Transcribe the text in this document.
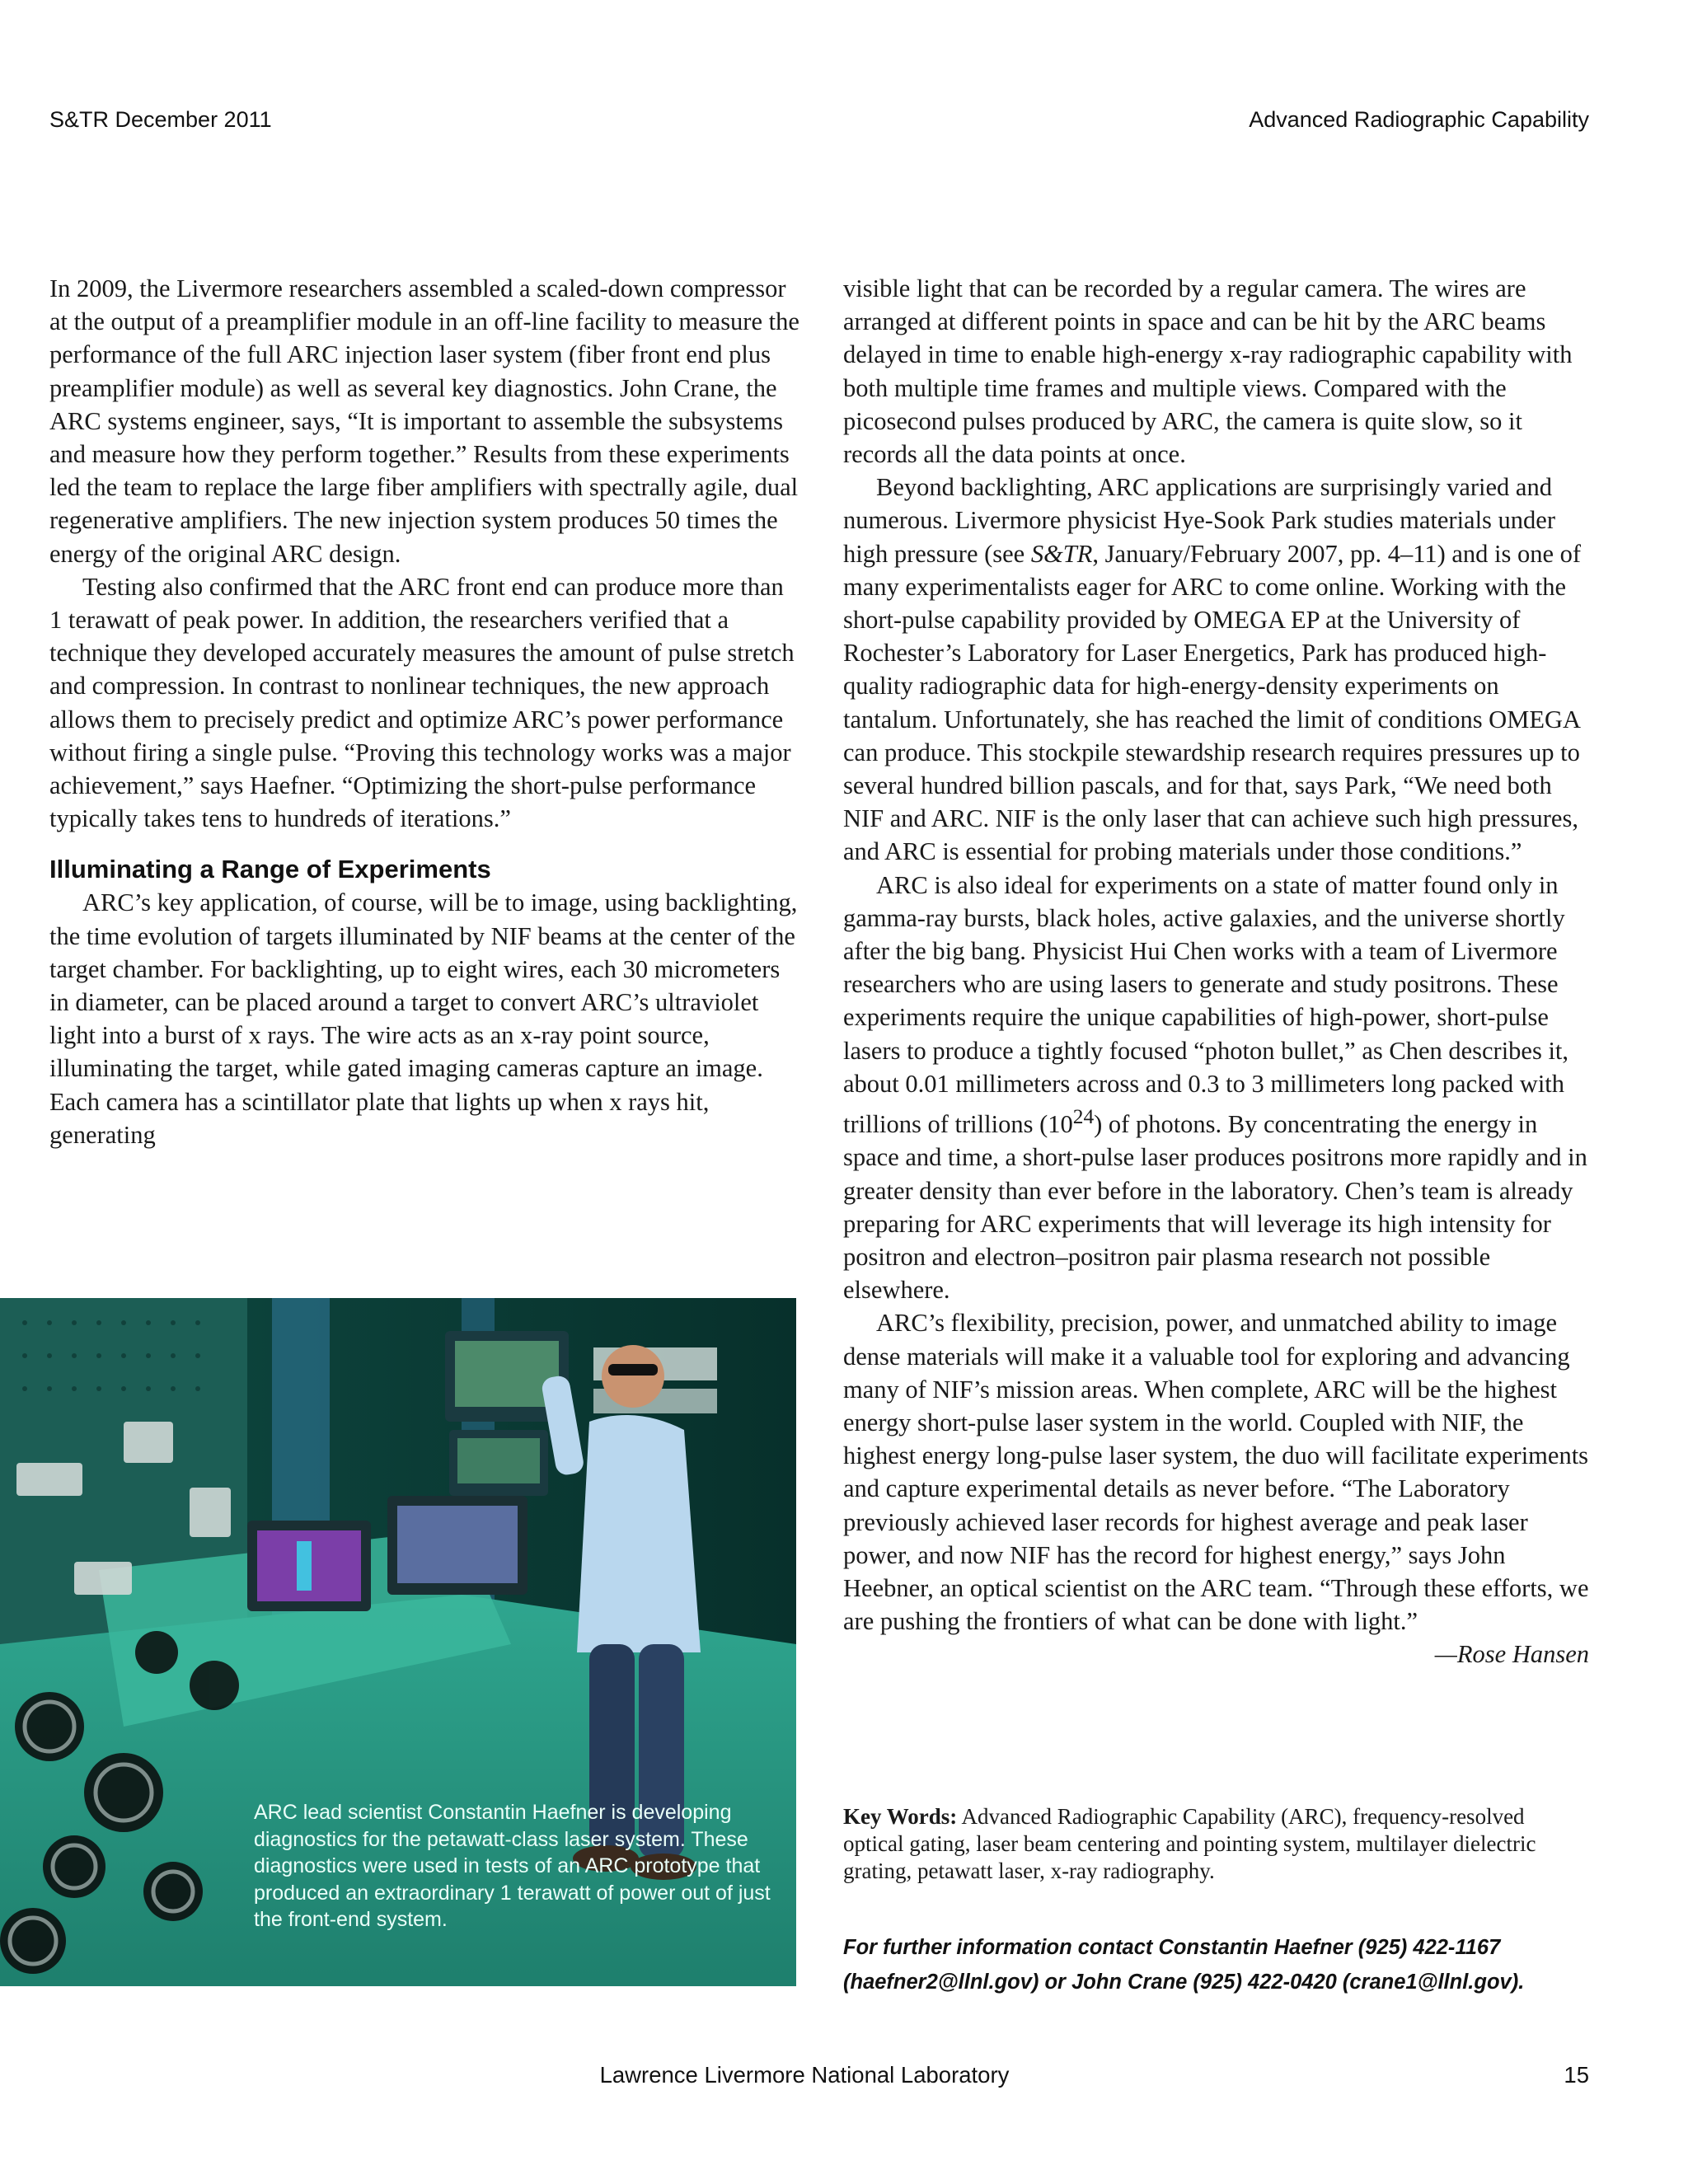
S&TR December 2011	Advanced Radiographic Capability

In 2009, the Livermore researchers assembled a scaled-down compressor at the output of a preamplifier module in an off-line facility to measure the performance of the full ARC injection laser system (fiber front end plus preamplifier module) as well as several key diagnostics. John Crane, the ARC systems engineer, says, “It is important to assemble the subsystems and measure how they perform together.” Results from these experiments led the team to replace the large fiber amplifiers with spectrally agile, dual regenerative amplifiers. The new injection system produces 50 times the energy of the original ARC design.

Testing also confirmed that the ARC front end can produce more than 1 terawatt of peak power. In addition, the researchers verified that a technique they developed accurately measures the amount of pulse stretch and compression. In contrast to nonlinear techniques, the new approach allows them to precisely predict and optimize ARC’s power performance without firing a single pulse. “Proving this technology works was a major achievement,” says Haefner. “Optimizing the short-pulse performance typically takes tens to hundreds of iterations.”

Illuminating a Range of Experiments

ARC’s key application, of course, will be to image, using backlighting, the time evolution of targets illuminated by NIF beams at the center of the target chamber. For backlighting, up to eight wires, each 30 micrometers in diameter, can be placed around a target to convert ARC’s ultraviolet light into a burst of x rays. The wire acts as an x-ray point source, illuminating the target, while gated imaging cameras capture an image. Each camera has a scintillator plate that lights up when x rays hit, generating

visible light that can be recorded by a regular camera. The wires are arranged at different points in space and can be hit by the ARC beams delayed in time to enable high-energy x-ray radiographic capability with both multiple time frames and multiple views. Compared with the picosecond pulses produced by ARC, the camera is quite slow, so it records all the data points at once.

Beyond backlighting, ARC applications are surprisingly varied and numerous. Livermore physicist Hye-Sook Park studies materials under high pressure (see S&TR, January/February 2007, pp. 4–11) and is one of many experimentalists eager for ARC to come online. Working with the short-pulse capability provided by OMEGA EP at the University of Rochester’s Laboratory for Laser Energetics, Park has produced high-quality radiographic data for high-energy-density experiments on tantalum. Unfortunately, she has reached the limit of conditions OMEGA can produce. This stockpile stewardship research requires pressures up to several hundred billion pascals, and for that, says Park, “We need both NIF and ARC. NIF is the only laser that can achieve such high pressures, and ARC is essential for probing materials under those conditions.”

ARC is also ideal for experiments on a state of matter found only in gamma-ray bursts, black holes, active galaxies, and the universe shortly after the big bang. Physicist Hui Chen works with a team of Livermore researchers who are using lasers to generate and study positrons. These experiments require the unique capabilities of high-power, short-pulse lasers to produce a tightly focused “photon bullet,” as Chen describes it, about 0.01 millimeters across and 0.3 to 3 millimeters long packed with trillions of trillions $(10^{24})$ of photons. By concentrating the energy in space and time, a short-pulse laser produces positrons more rapidly and in greater density than ever before in the laboratory. Chen’s team is already preparing for ARC experiments that will leverage its high intensity for positron and electron–positron pair plasma research not possible elsewhere.

ARC’s flexibility, precision, power, and unmatched ability to image dense materials will make it a valuable tool for exploring and advancing many of NIF’s mission areas. When complete, ARC will be the highest energy short-pulse laser system in the world. Coupled with NIF, the highest energy long-pulse laser system, the duo will facilitate experiments and capture experimental details as never before. “The Laboratory previously achieved laser records for highest average and peak laser power, and now NIF has the record for highest energy,” says John Heebner, an optical scientist on the ARC team. “Through these efforts, we are pushing the frontiers of what can be done with light.”

—Rose Hansen

ARC lead scientist Constantin Haefner is developing diagnostics for the petawatt-class laser system. These diagnostics were used in tests of an ARC prototype that produced an extraordinary 1 terawatt of power out of just the front-end system.
Key Words: Advanced Radiographic Capability (ARC), frequency-resolved optical gating, laser beam centering and pointing system, multilayer dielectric grating, petawatt laser, x-ray radiography.
For further information contact Constantin Haefner (925) 422-1167 (haefner2@llnl.gov) or John Crane (925) 422-0420 (crane1@llnl.gov).
Lawrence Livermore National Laboratory	15
